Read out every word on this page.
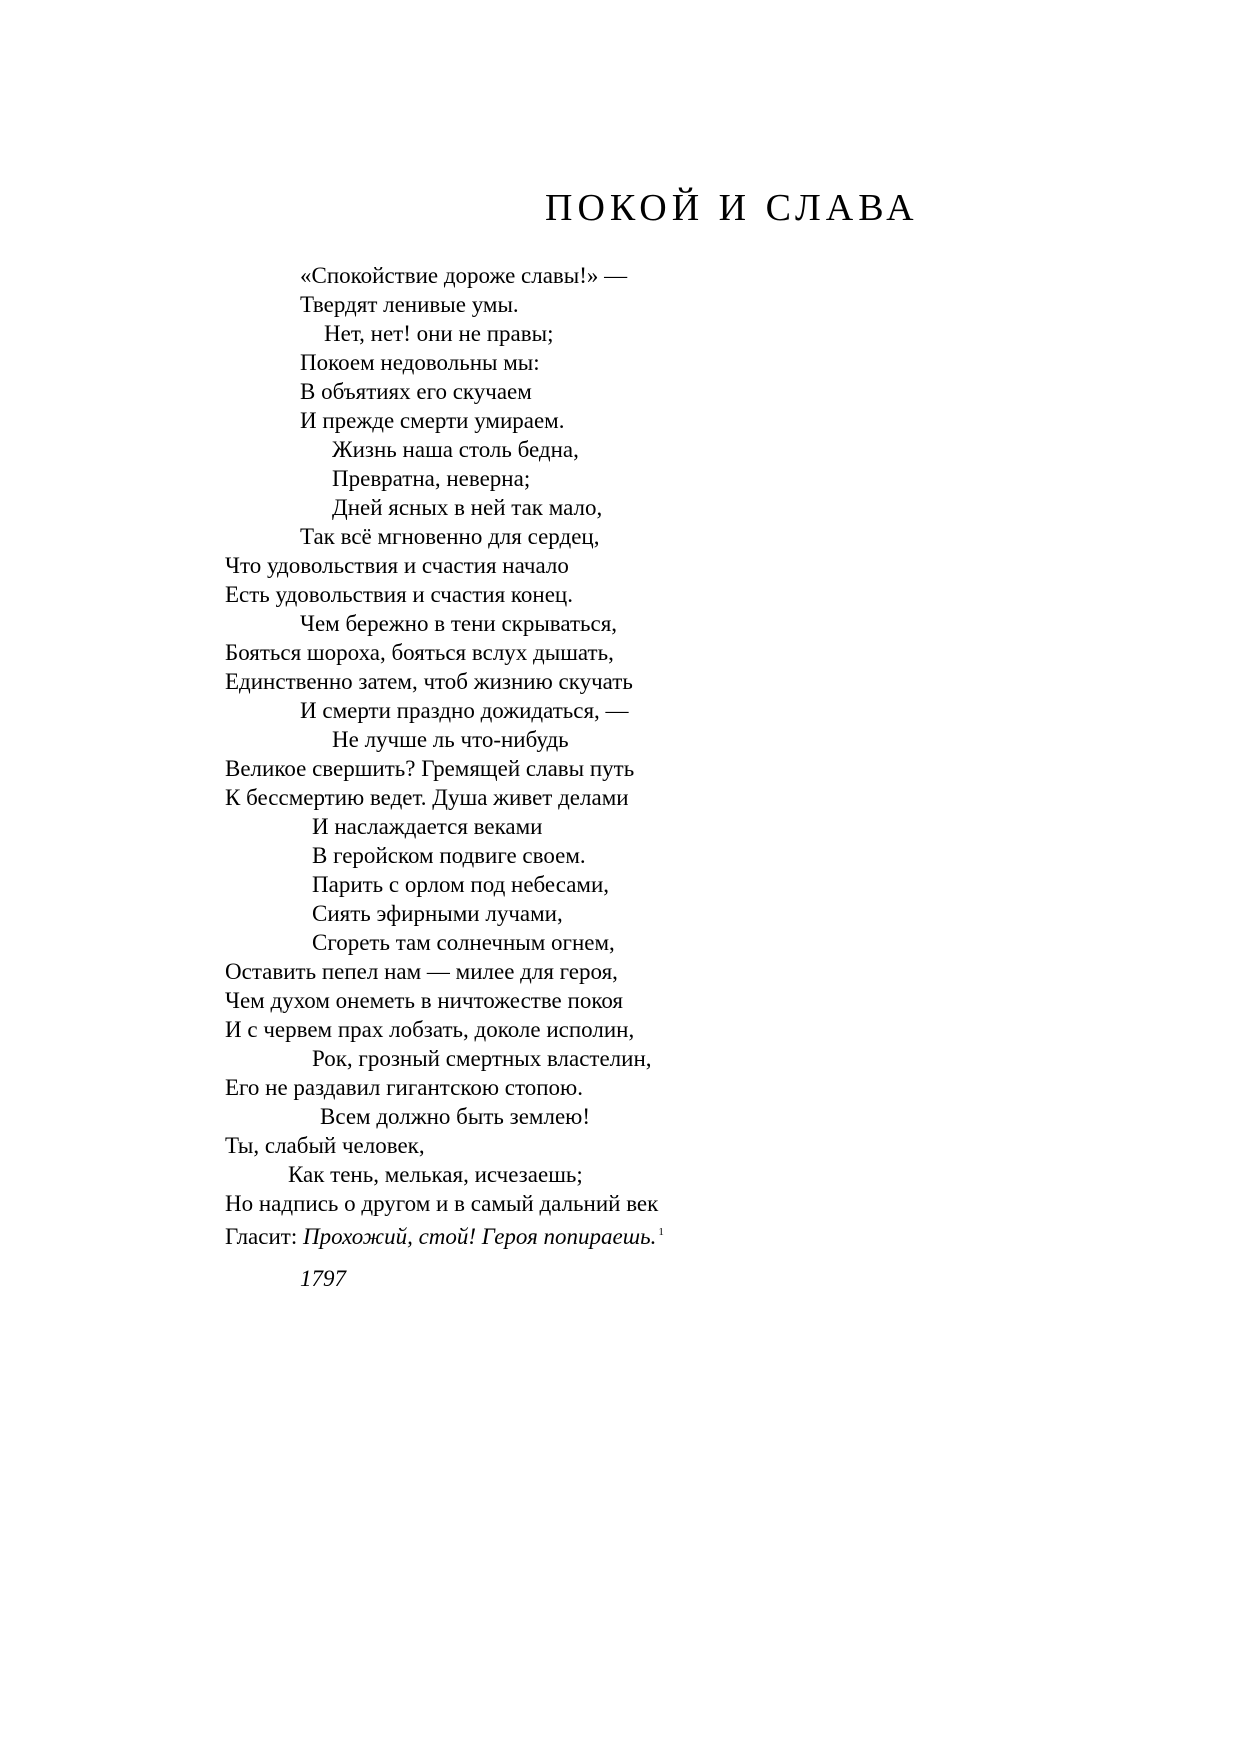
ПОКОЙ И СЛАВА
«Спокойствие дороже славы!» —
Твердят ленивые умы.
Нет, нет! они не правы;
Покоем недовольны мы:
В объятиях его скучаем
И прежде смерти умираем.
Жизнь наша столь бедна,
Превратна, неверна;
Дней ясных в ней так мало,
Так всё мгновенно для сердец,
Что удовольствия и счастия начало
Есть удовольствия и счастия конец.
Чем бережно в тени скрываться,
Бояться шороха, бояться вслух дышать,
Единственно затем, чтоб жизнию скучать
И смерти праздно дожидаться, —
Не лучше ль что-нибудь
Великое свершить? Гремящей славы путь
К бессмертию ведет. Душа живет делами
И наслаждается веками
В геройском подвиге своем.
Парить с орлом под небесами,
Сиять эфирными лучами,
Сгореть там солнечным огнем,
Оставить пепел нам — милее для героя,
Чем духом онеметь в ничтожестве покоя
И с червем прах лобзать, доколе исполин,
Рок, грозный смертных властелин,
Его не раздавил гигантскою стопою.
Всем должно быть землею!
Ты, слабый человек,
Как тень, мелькая, исчезаешь;
Но надпись о другом и в самый дальний век
Гласит: Прохожий, стой! Героя попираешь. $^1$
1797
